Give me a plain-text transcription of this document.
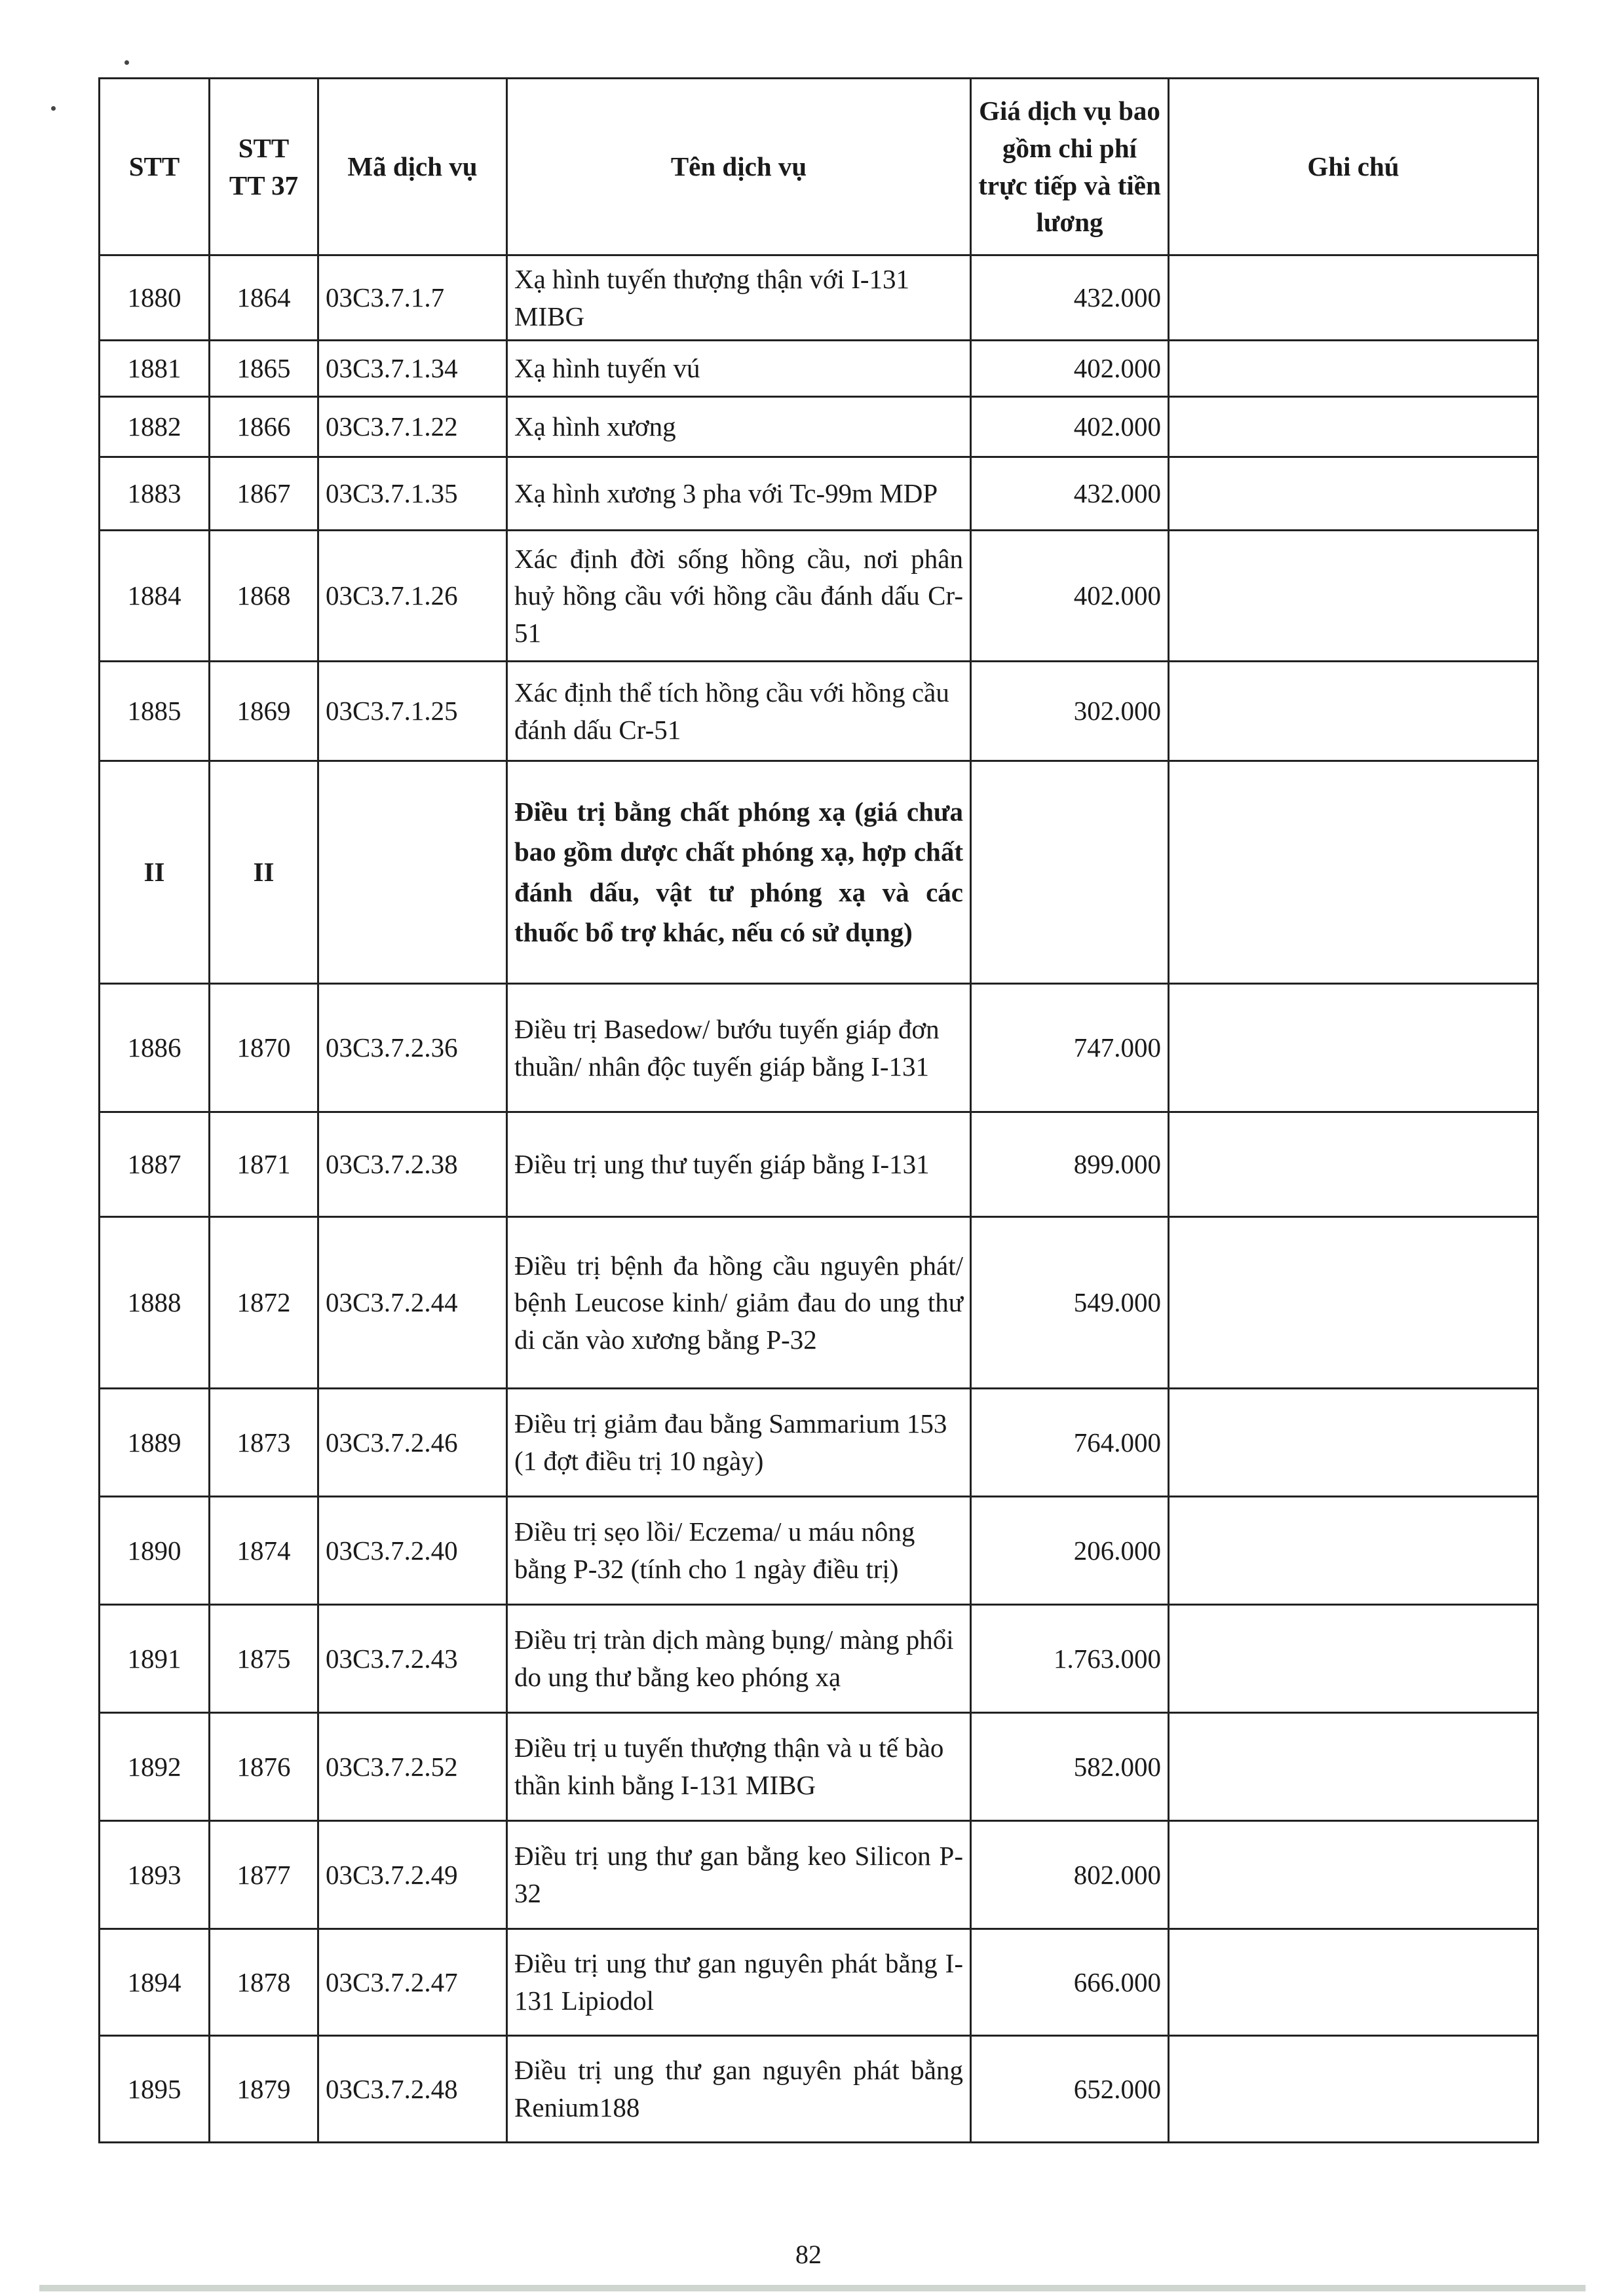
STT	STT TT 37	Mã dịch vụ	Tên dịch vụ	Giá dịch vụ bao gồm chi phí trực tiếp và tiền lương	Ghi chú
1880	1864	03C3.7.1.7	Xạ hình tuyến thượng thận với I-131 MIBG	432.000	
1881	1865	03C3.7.1.34	Xạ hình tuyến vú	402.000	
1882	1866	03C3.7.1.22	Xạ hình xương	402.000	
1883	1867	03C3.7.1.35	Xạ hình xương 3 pha với Tc-99m MDP	432.000	
1884	1868	03C3.7.1.26	Xác định đời sống hồng cầu, nơi phân huỷ hồng cầu với hồng cầu đánh dấu Cr-51	402.000	
1885	1869	03C3.7.1.25	Xác định thể tích hồng cầu với hồng cầu đánh dấu Cr-51	302.000	
II	II		Điều trị bằng chất phóng xạ (giá chưa bao gồm dược chất phóng xạ, hợp chất đánh dấu, vật tư phóng xạ và các thuốc bổ trợ khác, nếu có sử dụng)		
1886	1870	03C3.7.2.36	Điều trị Basedow/ bướu tuyến giáp đơn thuần/ nhân độc tuyến giáp bằng I-131	747.000	
1887	1871	03C3.7.2.38	Điều trị ung thư tuyến giáp bằng I-131	899.000	
1888	1872	03C3.7.2.44	Điều trị bệnh đa hồng cầu nguyên phát/ bệnh Leucose kinh/ giảm đau do ung thư di căn vào xương bằng P-32	549.000	
1889	1873	03C3.7.2.46	Điều trị giảm đau bằng Sammarium 153 (1 đợt điều trị 10 ngày)	764.000	
1890	1874	03C3.7.2.40	Điều trị sẹo lồi/ Eczema/ u máu nông bằng P-32 (tính cho 1 ngày điều trị)	206.000	
1891	1875	03C3.7.2.43	Điều trị tràn dịch màng bụng/ màng phổi do ung thư bằng keo phóng xạ	1.763.000	
1892	1876	03C3.7.2.52	Điều trị u tuyến thượng thận và u tế bào thần kinh bằng I-131 MIBG	582.000	
1893	1877	03C3.7.2.49	Điều trị ung thư gan bằng keo Silicon P-32	802.000	
1894	1878	03C3.7.2.47	Điều trị ung thư gan nguyên phát bằng I-131 Lipiodol	666.000	
1895	1879	03C3.7.2.48	Điều trị ung thư gan nguyên phát bằng Renium188	652.000	
82
